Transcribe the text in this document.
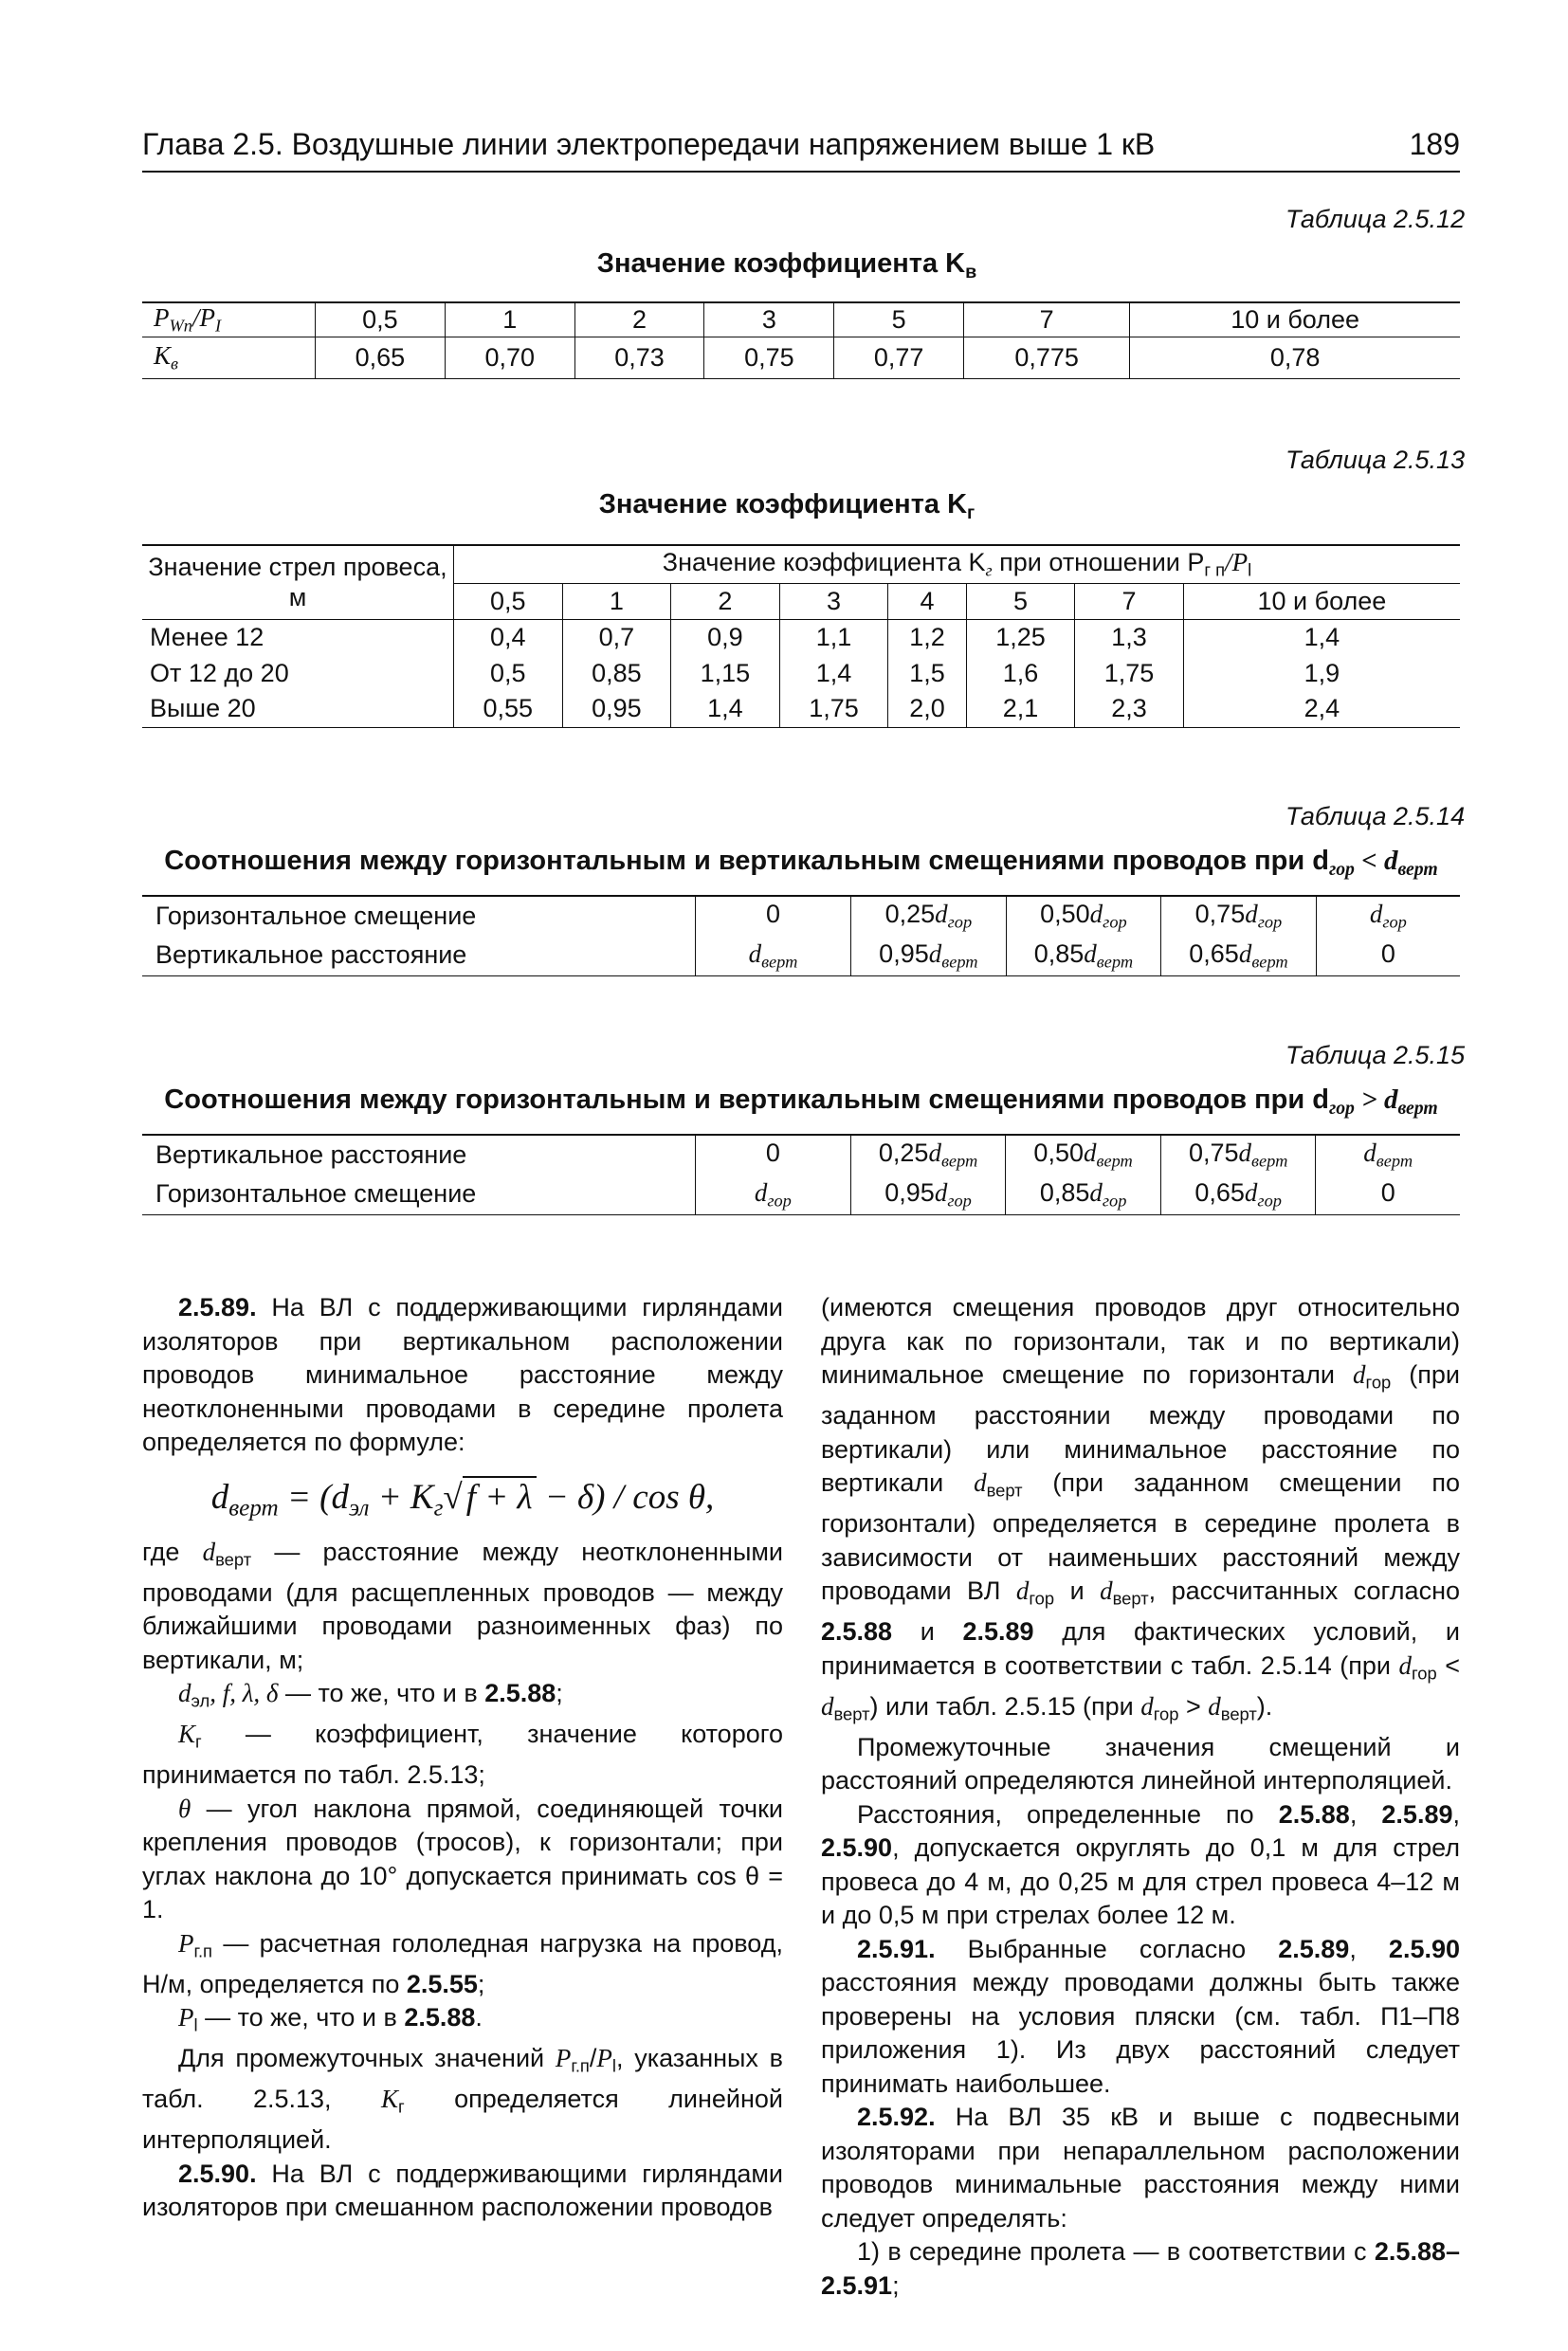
Глава 2.5. Воздушные линии электропередачи напряжением выше 1 кВ	189
Таблица 2.5.12
Значение коэффициента $K_в$
$P_{Wп}/P_I$	0,5	1	2	3	5	7	10 и более
$K_в$	0,65	0,70	0,73	0,75	0,77	0,775	0,78
Таблица 2.5.13
Значение коэффициента $K_г$
Значение стрел провеса, м	Значение коэффициента $K_г$ при отношении $P_{г п}/P_l$
	0,5	1	2	3	4	5	7	10 и более
Менее 12	0,4	0,7	0,9	1,1	1,2	1,25	1,3	1,4
От 12 до 20	0,5	0,85	1,15	1,4	1,5	1,6	1,75	1,9
Выше 20	0,55	0,95	1,4	1,75	2,0	2,1	2,3	2,4
Таблица 2.5.14
Соотношения между горизонтальным и вертикальным смещениями проводов при $d_{гор} < d_{верт}$
Горизонтальное смещение	0	$0,25d_{гор}$	$0,50d_{гор}$	$0,75d_{гор}$	$d_{гор}$
Вертикальное расстояние	$d_{верт}$	$0,95d_{верт}$	$0,85d_{верт}$	$0,65d_{верт}$	0
Таблица 2.5.15
Соотношения между горизонтальным и вертикальным смещениями проводов при $d_{гор} > d_{верт}$
Вертикальное расстояние	0	$0,25d_{верт}$	$0,50d_{верт}$	$0,75d_{верт}$	$d_{верт}$
Горизонтальное смещение	$d_{гор}$	$0,95d_{гор}$	$0,85d_{гор}$	$0,65d_{гор}$	0

2.5.89. На ВЛ с поддерживающими гирляндами изоляторов при вертикальном расположении проводов минимальное расстояние между неотклоненными проводами в середине пролета определяется по формуле:

$d_{верт} = (d_{эл} + K_г√$ f + λ − δ) / cos θ,

где $d_{верт}$ — расстояние между неотклоненными проводами (для расщепленных проводов — между ближайшими проводами разноименных фаз) по вертикали, м;

$d_{эл}$, f, λ, δ — то же, что и в 2.5.88;

$K_г$ — коэффициент, значение которого принимается по табл. 2.5.13;

θ — угол наклона прямой, соединяющей точки крепления проводов (тросов), к горизонтали; при углах наклона до 10° допускается принимать cos θ = 1.

$P_{г.п}$ — расчетная гололедная нагрузка на провод, Н/м, определяется по 2.5.55;

$P_l$ — то же, что и в 2.5.88.

Для промежуточных значений $P_{г.п}/P_l$, указанных в табл. 2.5.13, $K_г$ определяется линейной интерполяцией.

2.5.90. На ВЛ с поддерживающими гирляндами изоляторов при смешанном расположении проводов

(имеются смещения проводов друг относительно друга как по горизонтали, так и по вертикали) минимальное смещение по горизонтали $d_{гор}$ (при заданном расстоянии между проводами по вертикали) или минимальное расстояние по вертикали $d_{верт}$ (при заданном смещении по горизонтали) определяется в середине пролета в зависимости от наименьших расстояний между проводами ВЛ $d_{гор}$ и $d_{верт}$, рассчитанных согласно 2.5.88 и 2.5.89 для фактических условий, и принимается в соответствии с табл. 2.5.14 (при $d_{гор} < d_{верт}$) или табл. 2.5.15 (при $d_{гор} > d_{верт}$).

Промежуточные значения смещений и расстояний определяются линейной интерполяцией.

Расстояния, определенные по 2.5.88, 2.5.89, 2.5.90, допускается округлять до 0,1 м для стрел провеса до 4 м, до 0,25 м для стрел провеса 4–12 м и до 0,5 м при стрелах более 12 м.

2.5.91. Выбранные согласно 2.5.89, 2.5.90 расстояния между проводами должны быть также проверены на условия пляски (см. табл. П1–П8 приложения 1). Из двух расстояний следует принимать наибольшее.

2.5.92. На ВЛ 35 кВ и выше с подвесными изоляторами при непараллельном расположении проводов минимальные расстояния между ними следует определять:

1) в середине пролета — в соответствии с 2.5.88–2.5.91;
